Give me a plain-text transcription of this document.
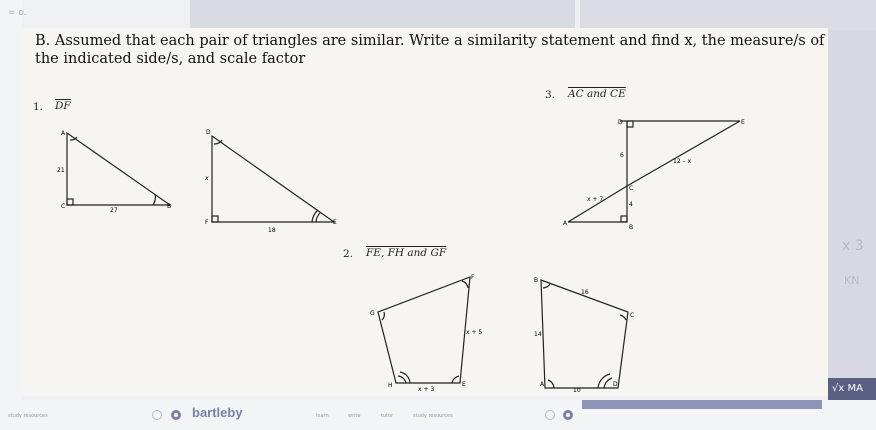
= o.
B. Assumed that each pair of triangles are similar. Write a similarity statement and find x, the measure/s of the indicated side/s, and scale factor
1. $\overline{DF}$
3. AC and CE
2. FE, FH and GF
A
C	B
21
27
D
F	E
x
18
D	E
6
12 – x
x + 7
C
4
A
B
G
F
H	E
x + 3
x + 5
B
C
A	D
16
14
10
x 3
KN
study resources	bartleby	learn	write	tutor	study resources
√x MA
